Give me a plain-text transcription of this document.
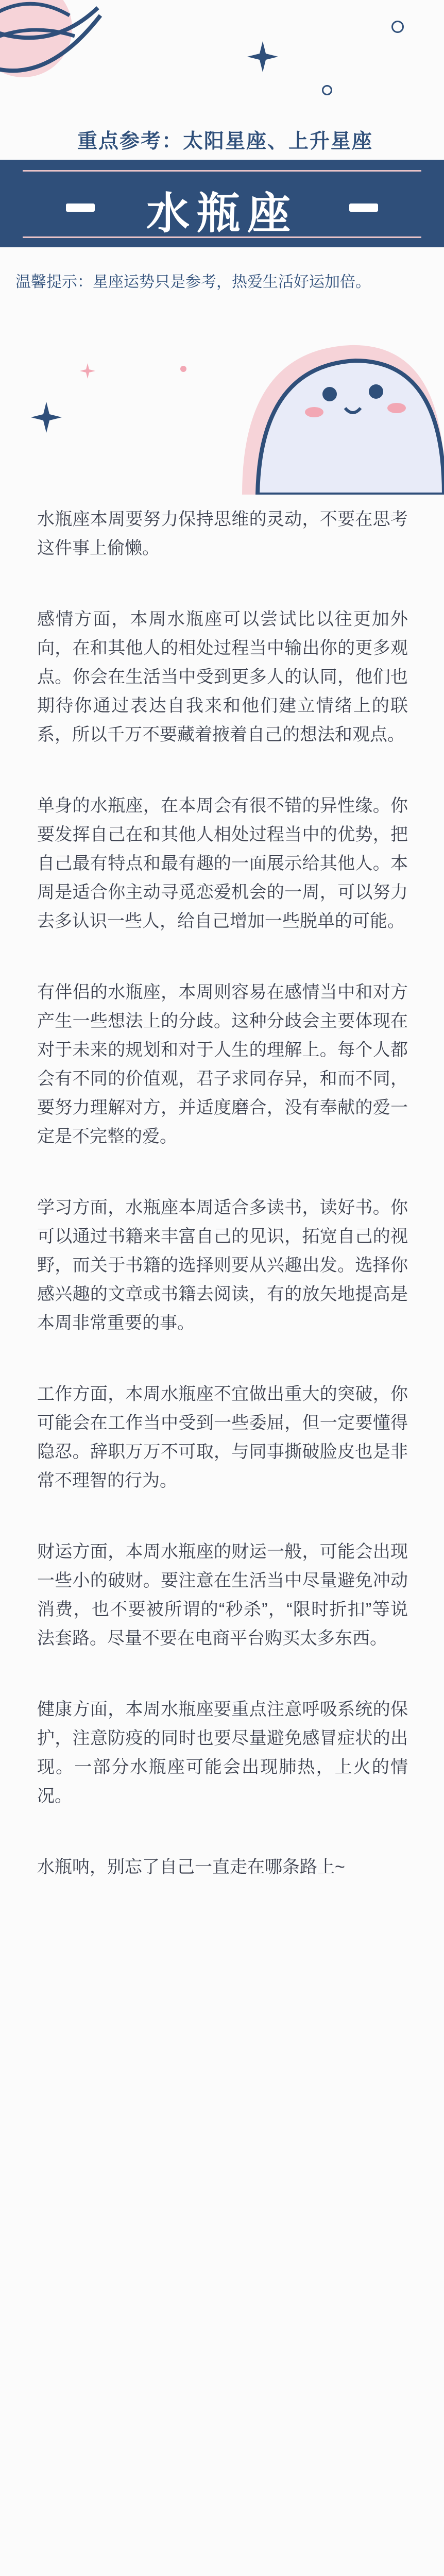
重点参考：太阳星座、上升星座
水瓶座
温馨提示：星座运势只是参考，热爱生活好运加倍。

水瓶座本周要努力保持思维的灵动，不要在思考这件事上偷懒。

感情方面，本周水瓶座可以尝试比以往更加外向，在和其他人的相处过程当中输出你的更多观点。你会在生活当中受到更多人的认同，他们也期待你通过表达自我来和他们建立情绪上的联系，所以千万不要藏着掖着自己的想法和观点。

单身的水瓶座，在本周会有很不错的异性缘。你要发挥自己在和其他人相处过程当中的优势，把自己最有特点和最有趣的一面展示给其他人。本周是适合你主动寻觅恋爱机会的一周，可以努力去多认识一些人，给自己增加一些脱单的可能。

有伴侣的水瓶座，本周则容易在感情当中和对方产生一些想法上的分歧。这种分歧会主要体现在对于未来的规划和对于人生的理解上。每个人都会有不同的价值观，君子求同存异，和而不同，要努力理解对方，并适度磨合，没有奉献的爱一定是不完整的爱。

学习方面，水瓶座本周适合多读书，读好书。你可以通过书籍来丰富自己的见识，拓宽自己的视野，而关于书籍的选择则要从兴趣出发。选择你感兴趣的文章或书籍去阅读，有的放矢地提高是本周非常重要的事。

工作方面，本周水瓶座不宜做出重大的突破，你可能会在工作当中受到一些委屈，但一定要懂得隐忍。辞职万万不可取，与同事撕破脸皮也是非常不理智的行为。

财运方面，本周水瓶座的财运一般，可能会出现一些小的破财。要注意在生活当中尽量避免冲动消费，也不要被所谓的“秒杀”，“限时折扣”等说法套路。尽量不要在电商平台购买太多东西。

健康方面，本周水瓶座要重点注意呼吸系统的保护，注意防疫的同时也要尽量避免感冒症状的出现。一部分水瓶座可能会出现肺热，上火的情况。

水瓶呐，别忘了自己一直走在哪条路上~
